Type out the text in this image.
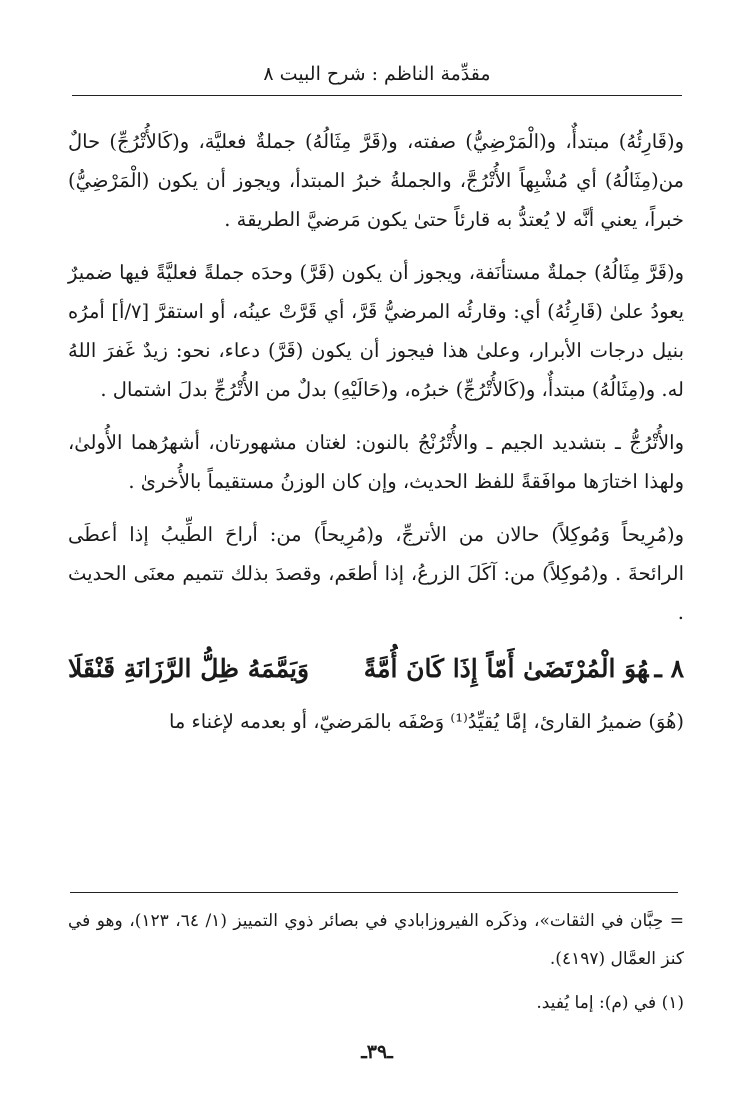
مقدِّمة الناظم : شرح البيت ٨

و(قَارِئُهُ) مبتدأٌ، و(الْمَرْضِيُّ) صفته، و(قَرَّ مِثَالُهُ) جملةٌ فعليَّة، و(كَالأُتْرُجِّ) حالٌ من(مِثَالُهُ) أي مُشْبِهاً الأُتْرُجَّ، والجملةُ خبرُ المبتدأ، ويجوز أن يكون (الْمَرْضِيُّ) خبراً، يعني أنَّه لا يُعتدُّ به قارئاً حتىٰ يكون مَرضيَّ الطريقة .

و(قَرَّ مِثَالُهُ) جملةٌ مستأنَفة، ويجوز أن يكون (قَرَّ) وحدَه جملةً فعليَّةً فيها ضميرٌ يعودُ علىٰ (قَارِئُهُ) أي: وقارئُه المرضيُّ قَرَّ، أي قَرَّتْ عينُه، أو استقرَّ [٧/أ] أمرُه بنيل درجات الأبرار، وعلىٰ هذا فيجوز أن يكون (قَرَّ) دعاء، نحو: زيدٌ غَفرَ اللهُ له. و(مِثَالُهُ) مبتدأٌ، و(كَالأُتْرُجِّ) خبرُه، و(حَالَيْهِ) بدلٌ من الأُتْرُجِّ بدلَ اشتمال .

والأُتْرُجُّ ـ بتشديد الجيم ـ والأُتْرُنْجُ بالنون: لغتان مشهورتان، أشهرُهما الأُولىٰ، ولهذا اختارَها موافَقةً للفظ الحديث، وإن كان الوزنُ مستقيماً بالأُخرىٰ .

و(مُرِيحاً وَمُوكِلاً) حالان من الأترجِّ، و(مُرِيحاً) من: أراحَ الطِّيبُ إذا أعطَى الرائحةَ . و(مُوكِلاً) من: آكَلَ الزرعُ، إذا أطعَم، وقصدَ بذلك تتميم معنَى الحديث .

٨ ـهُوَ الْمُرْتَضَىٰ أَمّاً إِذَا كَانَ أُمَّةً
وَيَمَّمَهُ ظِلُّ الرَّزَانَةِ قَنْقَلَا

(هُوَ) ضميرُ القارئ، إمَّا يُقيِّدُ⁽¹⁾ وَصْفَه بالمَرضيّ، أو بعدمه لإغناء ما

= حِبَّان في الثقات»، وذكَره الفيروزابادي في بصائر ذوي التمييز (١/ ٦٤، ١٢٣)، وهو في كنز العمَّال (٤١٩٧).

(١) في (م): إما يُفيد.

ـ٣٩ـ
